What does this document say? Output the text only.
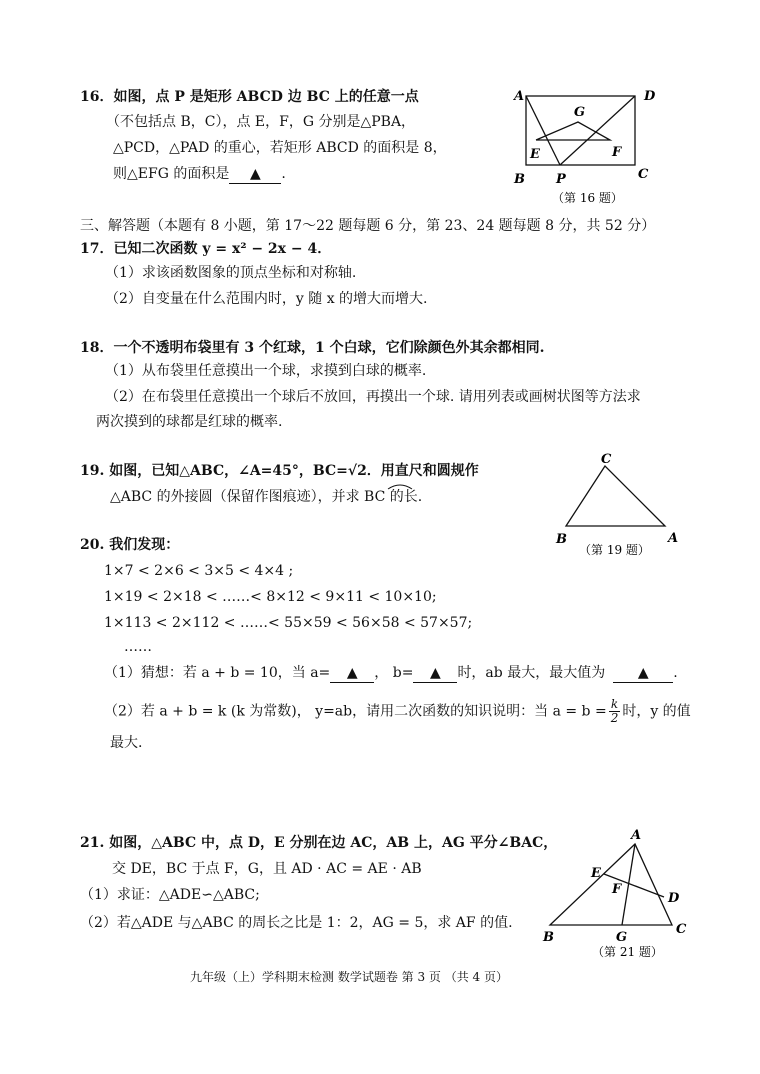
16．如图，点 P 是矩形 ABCD 边 BC 上的任意一点
（不包括点 B，C），点 E，F，G 分别是△PBA，
△PCD，△PAD 的重心，若矩形 ABCD 的面积是 8，
则△EFG 的面积是 ▲ .
A	D
G
E	F
B P	C
（第 16 题）
C
B	A
（第 19 题）
A
E
F
D
B	G
C
（第 21 题）
三、解答题（本题有 8 小题，第 17～22 题每题 6 分，第 23、24 题每题 8 分，共 52 分）
17．已知二次函数 y = x² − 2x − 4．
（1）求该函数图象的顶点坐标和对称轴.
（2）自变量在什么范围内时，y 随 x 的增大而增大.
18．一个不透明布袋里有 3 个红球，1 个白球，它们除颜色外其余都相同.
（1）从布袋里任意摸出一个球，求摸到白球的概率.
（2）在布袋里任意摸出一个球后不放回，再摸出一个球. 请用列表或画树状图等方法求
两次摸到的球都是红球的概率.
19. 如图，已知△ABC，∠A=45°，BC=√2．用直尺和圆规作
△ABC 的外接圆（保留作图痕迹），并求 BC 的长.
20. 我们发现：
1×7 < 2×6 < 3×5 < 4×4 ;
1×19 < 2×18 < ……< 8×12 < 9×11 < 10×10;
1×113 < 2×112 < ……< 55×59 < 56×58 < 57×57;
……
（1）猜想：若 a + b = 10，当 a= ▲ ， b= ▲ 时，ab 最大，最大值为 ▲ .
（2）若 a + b = k (k 为常数)， y=ab，请用二次函数的知识说明：当 $a = b = \frac{k}{2}$ 时，y 的值
最大.
21. 如图，△ABC 中，点 D，E 分别在边 AC，AB 上，AG 平分∠BAC，
交 DE，BC 于点 F，G，且 AD · AC = AE · AB
（1）求证：△ADE∽△ABC;
（2）若△ADE 与△ABC 的周长之比是 1：2，AG = 5，求 AF 的值.
九年级（上）学科期末检测 数学试题卷 第 3 页 （共 4 页）
